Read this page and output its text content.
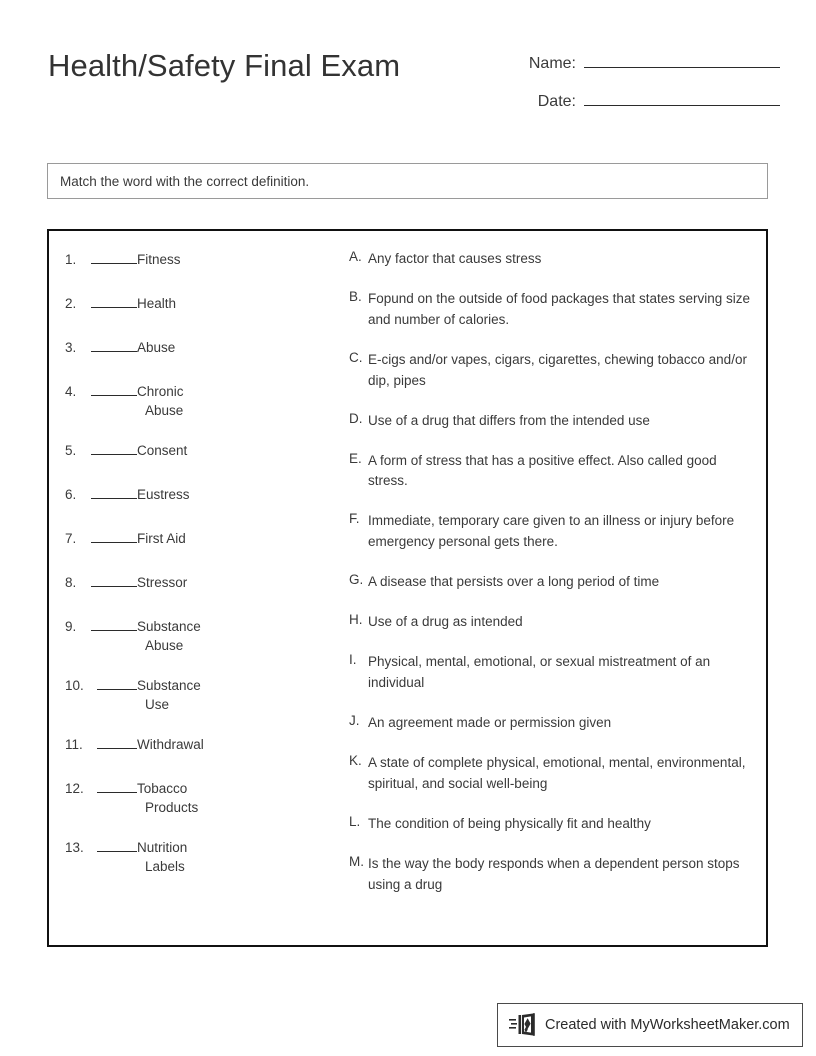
Health/Safety Final Exam	Name:
Date:
Match the word with the correct definition.
1.	Fitness
2.	Health
3.	Abuse
4.	Chronic
Abuse
5.	Consent
6.	Eustress
7.	First Aid
8.	Stressor
9.	Substance
Abuse
10.	Substance
Use
11.	Withdrawal
12.	Tobacco
Products
13.	Nutrition
Labels
A. Any factor that causes stress
B. Fopund on the outside of food packages that states serving size and number of calories.
C. E-cigs and/or vapes, cigars, cigarettes, chewing tobacco and/or dip, pipes
D. Use of a drug that differs from the intended use
E. A form of stress that has a positive effect. Also called good stress.
F. Immediate, temporary care given to an illness or injury before emergency personal gets there.
G. A disease that persists over a long period of time
H. Use of a drug as intended
I. Physical, mental, emotional, or sexual mistreatment of an individual
J. An agreement made or permission given
K. A state of complete physical, emotional, mental, environmental, spiritual, and social well-being
L. The condition of being physically fit and healthy
M. Is the way the body responds when a dependent person stops using a drug
Created with MyWorksheetMaker.com
